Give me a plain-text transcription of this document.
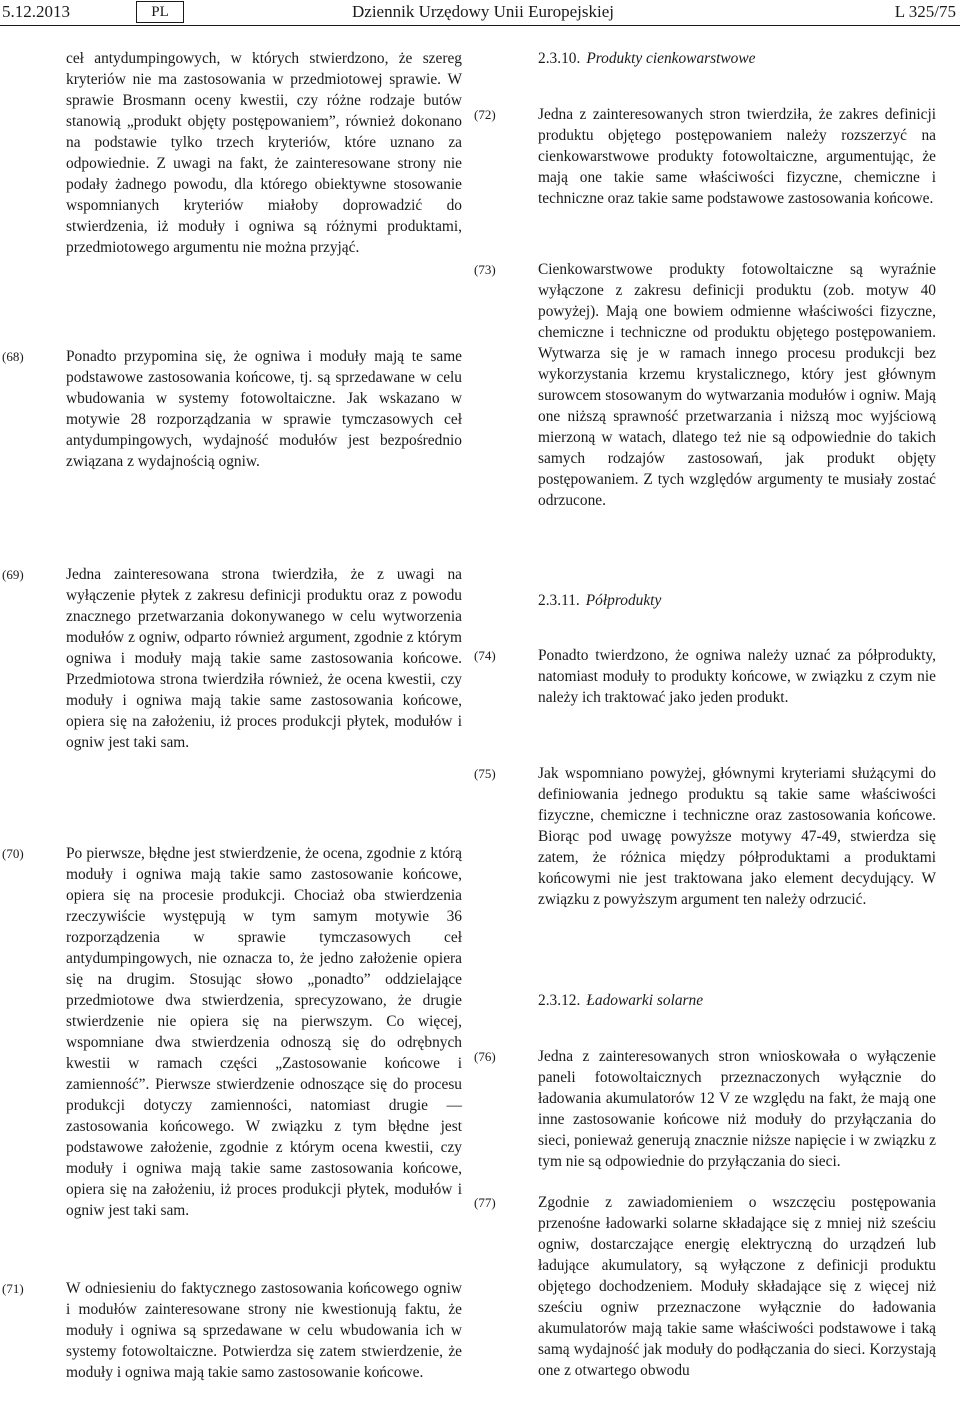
5.12.2013	PL	Dziennik Urzędowy Unii Europejskiej	L 325/75
ceł antydumpingowych, w których stwierdzono, że szereg kryteriów nie ma zastosowania w przedmiotowej sprawie. W sprawie Brosmann oceny kwestii, czy różne rodzaje butów stanowią „produkt objęty postępowaniem”, również dokonano na podstawie tylko trzech kryteriów, które uznano za odpowiednie. Z uwagi na fakt, że zainteresowane strony nie podały żadnego powodu, dla którego obiektywne stosowanie wspomnianych kryteriów miałoby doprowadzić do stwierdzenia, iż moduły i ogniwa są różnymi produktami, przedmiotowego argumentu nie można przyjąć.
(68)	Ponadto przypomina się, że ogniwa i moduły mają te same podstawowe zastosowania końcowe, tj. są sprzedawane w celu wbudowania w systemy fotowoltaiczne. Jak wskazano w motywie 28 rozporządzania w sprawie tymczasowych ceł antydumpingowych, wydajność modułów jest bezpośrednio związana z wydajnością ogniw.
2.3.10. Produkty cienkowarstwowe
(72)	Jedna z zainteresowanych stron twierdziła, że zakres definicji produktu objętego postępowaniem należy rozszerzyć na cienkowarstwowe produkty fotowoltaiczne, argumentując, że mają one takie same właściwości fizyczne, chemiczne i techniczne oraz takie same podstawowe zastosowania końcowe.
(73)	Cienkowarstwowe produkty fotowoltaiczne są wyraźnie wyłączone z zakresu definicji produktu (zob. motyw 40 powyżej). Mają one bowiem odmienne właściwości fizyczne, chemiczne i techniczne od produktu objętego postępowaniem. Wytwarza się je w ramach innego procesu produkcji bez wykorzystania krzemu krystalicznego, który jest głównym surowcem stosowanym do wytwarzania modułów i ogniw. Mają one niższą sprawność przetwarzania i niższą moc wyjściową mierzoną w watach, dlatego też nie są odpowiednie do takich samych rodzajów zastosowań, jak produkt objęty postępowaniem. Z tych względów argumenty te musiały zostać odrzucone.
(69)	Jedna zainteresowana strona twierdziła, że z uwagi na wyłączenie płytek z zakresu definicji produktu oraz z powodu znacznego przetwarzania dokonywanego w celu wytworzenia modułów z ogniw, odparto również argument, zgodnie z którym ogniwa i moduły mają takie same zastosowania końcowe. Przedmiotowa strona twierdziła również, że ocena kwestii, czy moduły i ogniwa mają takie same zastosowania końcowe, opiera się na założeniu, iż proces produkcji płytek, modułów i ogniw jest taki sam.
(70)	Po pierwsze, błędne jest stwierdzenie, że ocena, zgodnie z którą moduły i ogniwa mają takie samo zastosowanie końcowe, opiera się na procesie produkcji. Chociaż oba stwierdzenia rzeczywiście występują w tym samym motywie 36 rozporządzenia w sprawie tymczasowych ceł antydumpingowych, nie oznacza to, że jedno założenie opiera się na drugim. Stosując słowo „ponadto” oddzielające przedmiotowe dwa stwierdzenia, sprecyzowano, że drugie stwierdzenie nie opiera się na pierwszym. Co więcej, wspomniane dwa stwierdzenia odnoszą się do odrębnych kwestii w ramach części „Zastosowanie końcowe i zamienność”. Pierwsze stwierdzenie odnoszące się do procesu produkcji dotyczy zamienności, natomiast drugie — zastosowania końcowego. W związku z tym błędne jest podstawowe założenie, zgodnie z którym ocena kwestii, czy moduły i ogniwa mają takie same zastosowania końcowe, opiera się na założeniu, iż proces produkcji płytek, modułów i ogniw jest taki sam.
(71)	W odniesieniu do faktycznego zastosowania końcowego ogniw i modułów zainteresowane strony nie kwestionują faktu, że moduły i ogniwa są sprzedawane w celu wbudowania ich w systemy fotowoltaiczne. Potwierdza się zatem stwierdzenie, że moduły i ogniwa mają takie samo zastosowanie końcowe.
2.3.11. Półprodukty
(74)	Ponadto twierdzono, że ogniwa należy uznać za półprodukty, natomiast moduły to produkty końcowe, w związku z czym nie należy ich traktować jako jeden produkt.
(75)	Jak wspomniano powyżej, głównymi kryteriami służącymi do definiowania jednego produktu są takie same właściwości fizyczne, chemiczne i techniczne oraz zastosowania końcowe. Biorąc pod uwagę powyższe motywy 47-49, stwierdza się zatem, że różnica między półproduktami a produktami końcowymi nie jest traktowana jako element decydujący. W związku z powyższym argument ten należy odrzucić.
2.3.12. Ładowarki solarne
(76)	Jedna z zainteresowanych stron wnioskowała o wyłączenie paneli fotowoltaicznych przeznaczonych wyłącznie do ładowania akumulatorów 12 V ze względu na fakt, że mają one inne zastosowanie końcowe niż moduły do przyłączania do sieci, ponieważ generują znacznie niższe napięcie i w związku z tym nie są odpowiednie do przyłączania do sieci.
(77)	Zgodnie z zawiadomieniem o wszczęciu postępowania przenośne ładowarki solarne składające się z mniej niż sześciu ogniw, dostarczające energię elektryczną do urządzeń lub ładujące akumulatory, są wyłączone z definicji produktu objętego dochodzeniem. Moduły składające się z więcej niż sześciu ogniw przeznaczone wyłącznie do ładowania akumulatorów mają takie same właściwości podstawowe i taką samą wydajność jak moduły do podłączania do sieci. Korzystają one z otwartego obwodu
